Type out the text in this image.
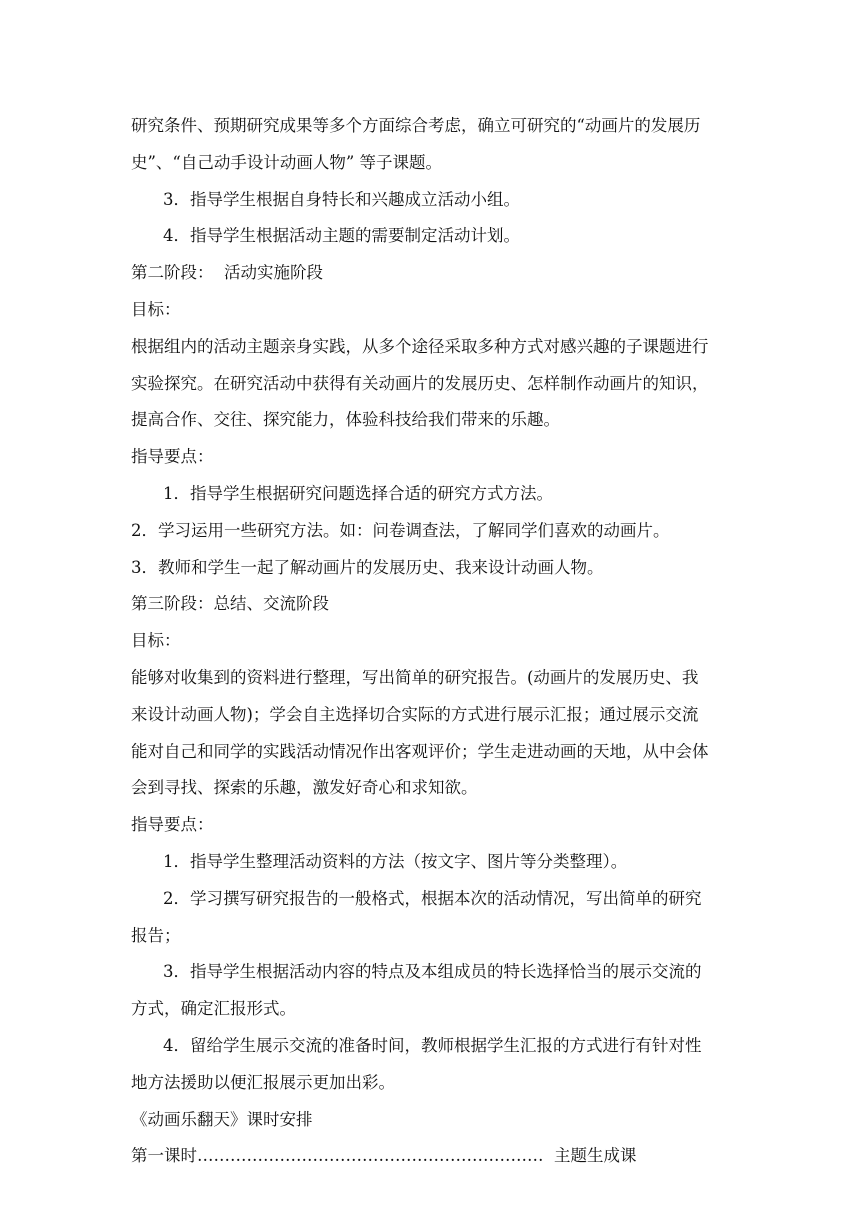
研究条件、预期研究成果等多个方面综合考虑，确立可研究的“动画片的发展历
史”、“自己动手设计动画人物” 等子课题。
3．指导学生根据自身特长和兴趣成立活动小组。
4．指导学生根据活动主题的需要制定活动计划。
第二阶段：  活动实施阶段
目标：
根据组内的活动主题亲身实践，从多个途径采取多种方式对感兴趣的子课题进行
实验探究。在研究活动中获得有关动画片的发展历史、怎样制作动画片的知识，
提高合作、交往、探究能力，体验科技给我们带来的乐趣。
指导要点：
1．指导学生根据研究问题选择合适的研究方式方法。
2．学习运用一些研究方法。如：问卷调查法，了解同学们喜欢的动画片。
3．教师和学生一起了解动画片的发展历史、我来设计动画人物。
第三阶段：总结、交流阶段
目标：
能够对收集到的资料进行整理，写出简单的研究报告。(动画片的发展历史、我
来设计动画人物)；学会自主选择切合实际的方式进行展示汇报；通过展示交流
能对自己和同学的实践活动情况作出客观评价；学生走进动画的天地，从中会体
会到寻找、探索的乐趣，激发好奇心和求知欲。
指导要点：
1．指导学生整理活动资料的方法（按文字、图片等分类整理）。
2．学习撰写研究报告的一般格式，根据本次的活动情况，写出简单的研究
报告；
3．指导学生根据活动内容的特点及本组成员的特长选择恰当的展示交流的
方式，确定汇报形式。
4．留给学生展示交流的准备时间，教师根据学生汇报的方式进行有针对性
地方法援助以便汇报展示更加出彩。
《动画乐翻天》课时安排
第一课时………………………………………………………  主题生成课
